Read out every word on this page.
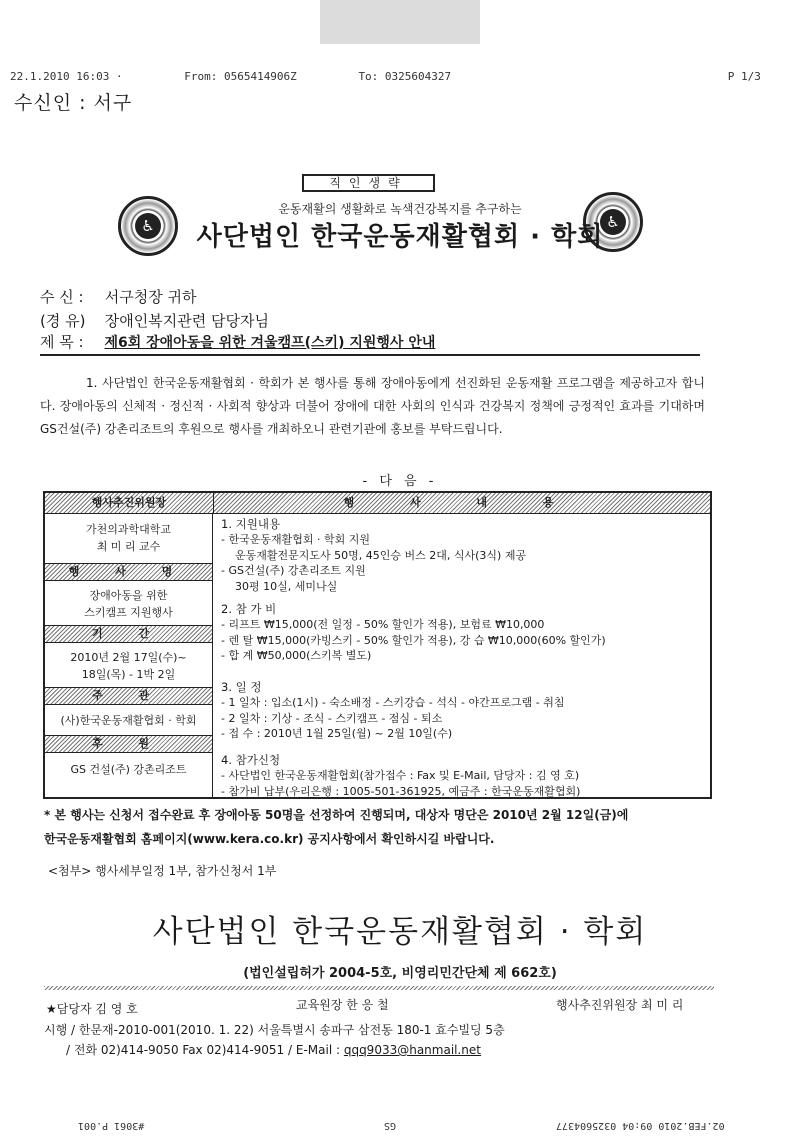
22.1.2010 16:03 ·	From: 0565414906Z	To: 0325604327	P 1/3
수신인 : 서구
직인생략
♿	♿
운동재활의 생활화로 녹색건강복지를 추구하는
사단법인 한국운동재활협회 · 학회
수 신 : 서구청장 귀하
(경 유) 장애인복지관련 담당자님
제 목 : 제6회 장애아동을 위한 겨울캠프(스키) 지원행사 안내
1. 사단법인 한국운동재활협회 · 학회가 본 행사를 통해 장애아동에게 선진화된 운동재활 프로그램을 제공하고자 합니다. 장애아동의 신체적 · 정신적 · 사회적 향상과 더불어 장애에 대한 사회의 인식과 건강복지 정책에 긍정적인 효과를 기대하며 GS건설(주) 강촌리조트의 후원으로 행사를 개최하오니 관련기관에 홍보를 부탁드립니다.
- 다 음 -
행사추진위원장	행 사 내 용
가천의과학대학교
최 미 리 교수
행 사 명
장애아동을 위한
스키캠프 지원행사
기 간
2010년 2월 17일(수)~
18일(목) - 1박 2일
주 관
(사)한국운동재활협회 · 학회
후 원
GS 건설(주) 강촌리조트
1. 지원내용
- 한국운동재활협회 · 학회 지원
운동재활전문지도사 50명, 45인승 버스 2대, 식사(3식) 제공
- GS건설(주) 강촌리조트 지원
30평 10실, 세미나실
2. 참 가 비
- 리프트 ₩15,000(전 일정 - 50% 할인가 적용), 보험료 ₩10,000
- 렌 탈 ₩15,000(카빙스키 - 50% 할인가 적용), 강 습 ₩10,000(60% 할인가)
- 합 계 ₩50,000(스키복 별도)
3. 일 정
- 1 일차 : 입소(1시) - 숙소배정 - 스키강습 - 석식 - 야간프로그램 - 취침
- 2 일차 : 기상 - 조식 - 스키캠프 - 점심 - 퇴소
- 접 수 : 2010년 1월 25일(월) ~ 2월 10일(수)
4. 참가신청
- 사단법인 한국운동재활협회(참가접수 : Fax 및 E-Mail, 담당자 : 김 영 호)
- 참가비 납부(우리은행 : 1005-501-361925, 예금주 : 한국운동재활협회)
* 본 행사는 신청서 접수완료 후 장애아동 50명을 선정하여 진행되며, 대상자 명단은 2010년 2월 12일(금)에
한국운동재활협회 홈페이지(www.kera.co.kr) 공지사항에서 확인하시길 바랍니다.
<첨부> 행사세부일정 1부, 참가신청서 1부
사단법인 한국운동재활협회 · 학회
(법인설립허가 2004-5호, 비영리민간단체 제 662호)
★담당자 김 영 호	교육원장 한 응 철	행사추진위원장 최 미 리
시행 / 한문재-2010-001(2010. 1. 22) 서울특별시 송파구 삼전동 180-1 효수빌딩 5층
/ 전화 02)414-9050 Fax 02)414-9051 / E-Mail : qqq9033@hanmail.net
#3061 P.001	GS	02.FEB.2010 09:04 0325604377
